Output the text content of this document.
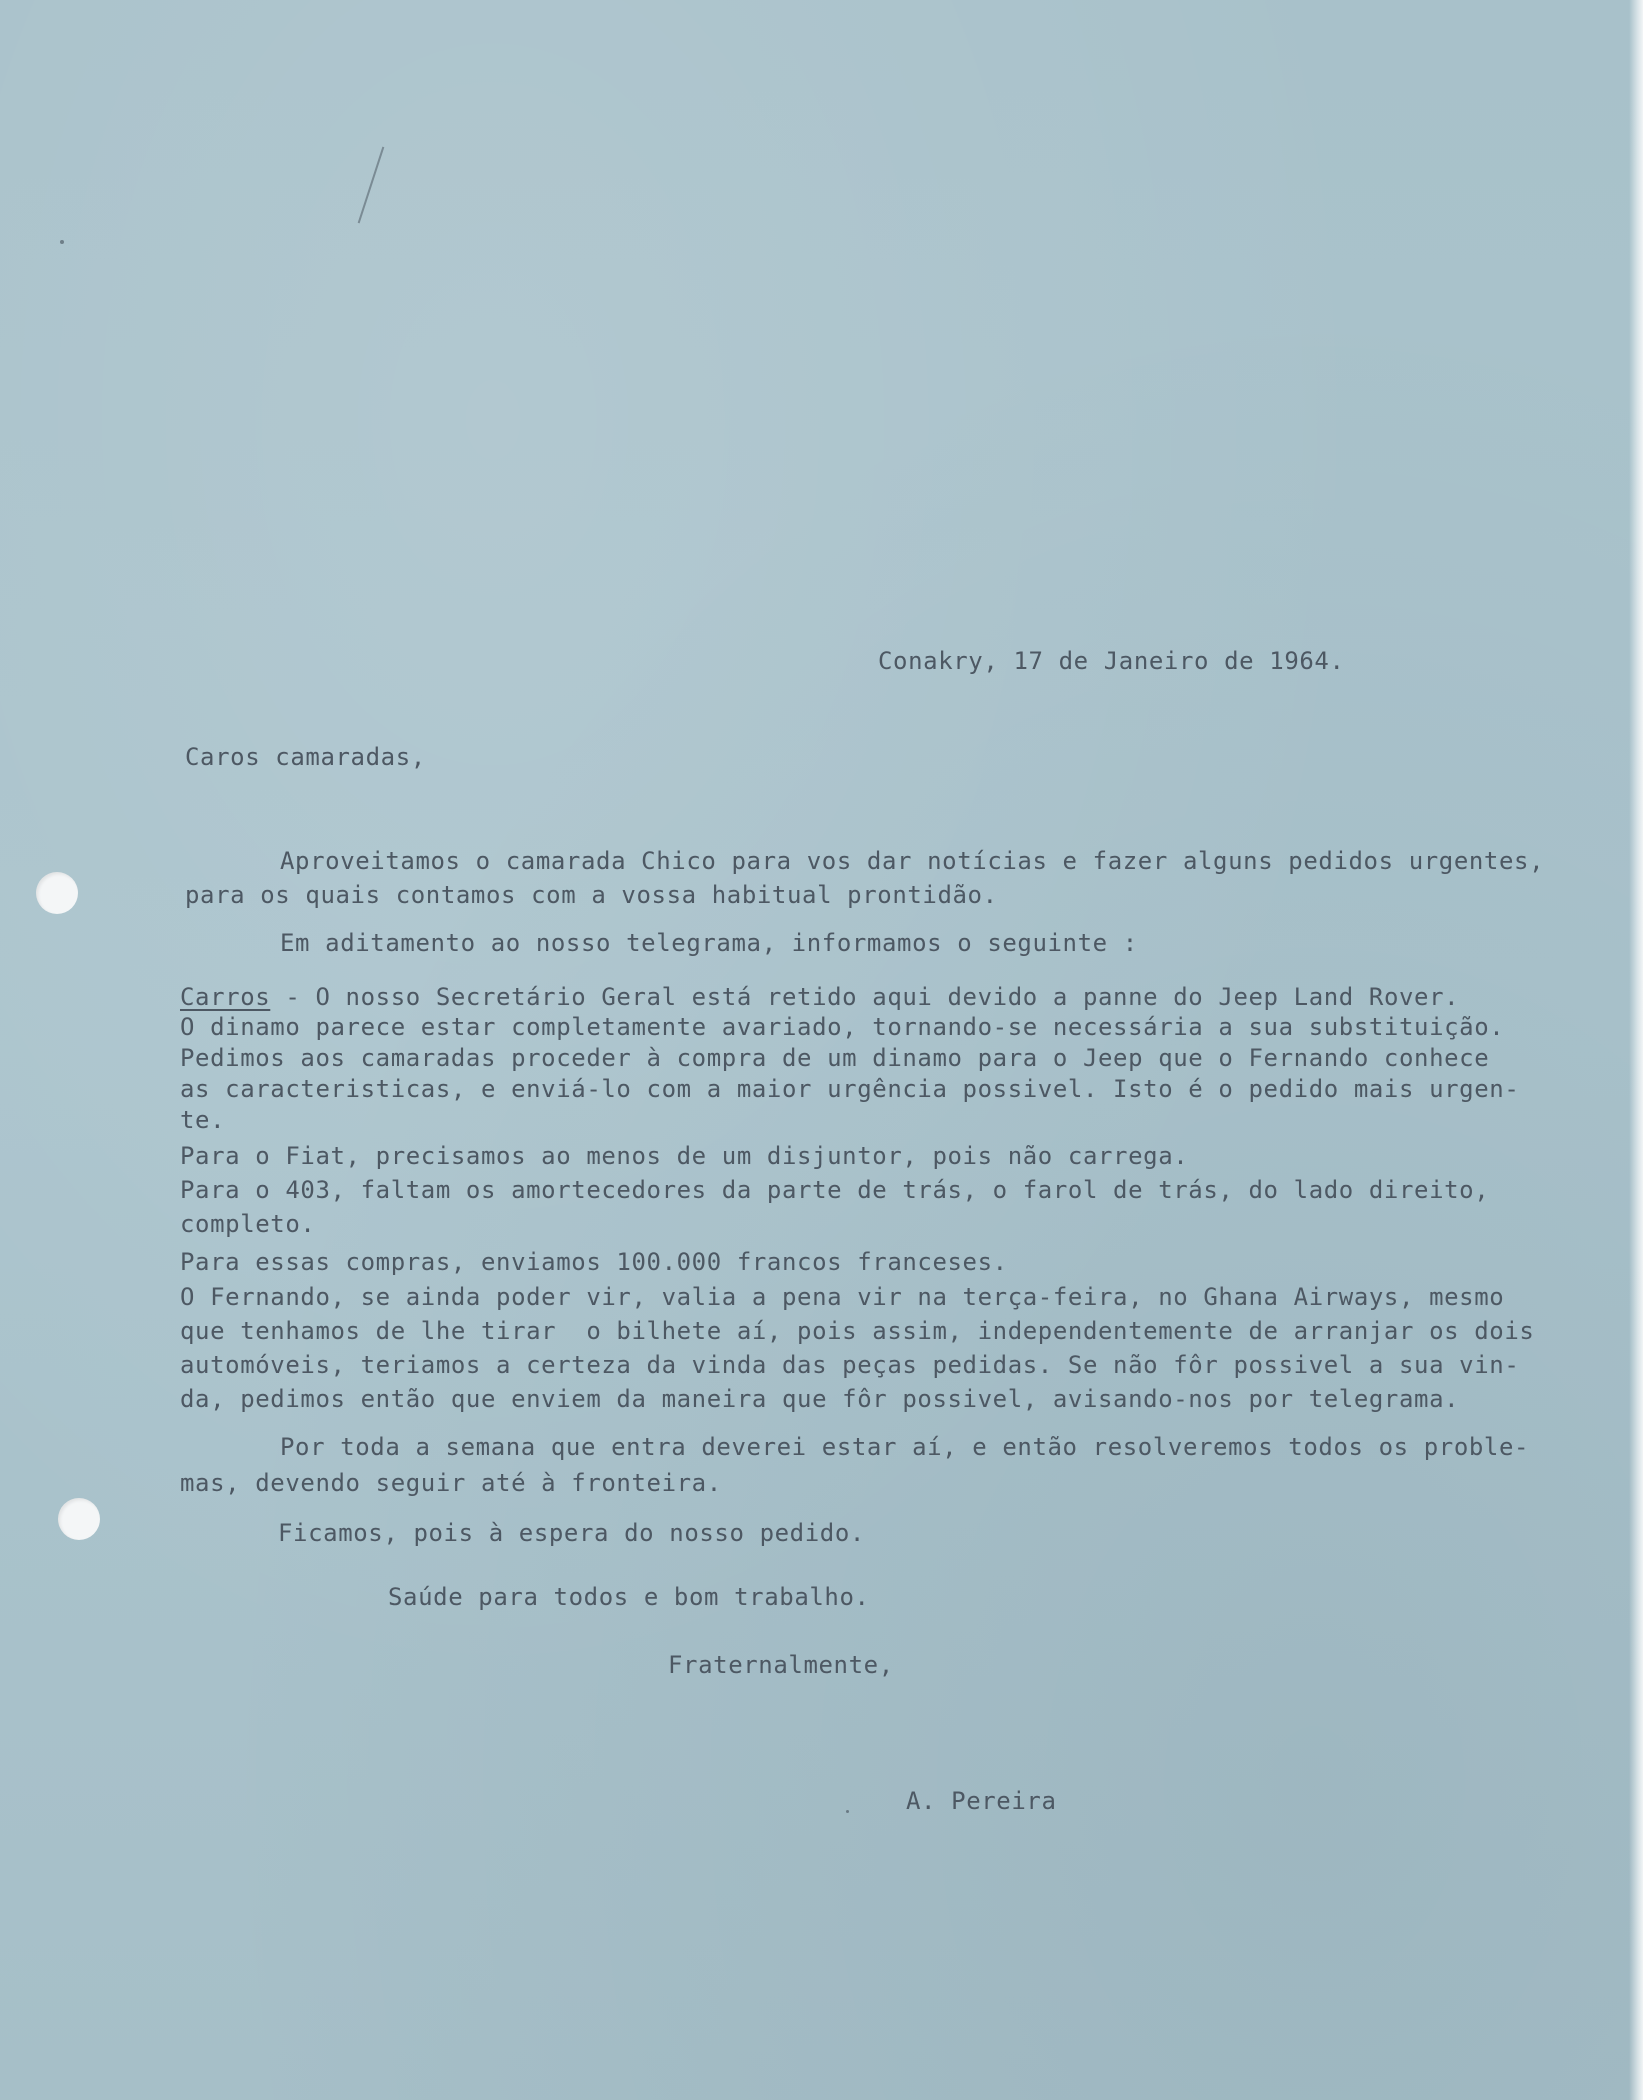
Conakry, 17 de Janeiro de 1964.
Caros camaradas,
Aproveitamos o camarada Chico para vos dar notícias e fazer alguns pedidos urgentes,
para os quais contamos com a vossa habitual prontidão.
Em aditamento ao nosso telegrama, informamos o seguinte :
Carros - O nosso Secretário Geral está retido aqui devido a panne do Jeep Land Rover.
O dinamo parece estar completamente avariado, tornando-se necessária a sua substituição.
Pedimos aos camaradas proceder à compra de um dinamo para o Jeep que o Fernando conhece
as caracteristicas, e enviá-lo com a maior urgência possivel. Isto é o pedido mais urgen-
te.
Para o Fiat, precisamos ao menos de um disjuntor, pois não carrega.
Para o 403, faltam os amortecedores da parte de trás, o farol de trás, do lado direito,
completo.
Para essas compras, enviamos 100.000 francos franceses.
O Fernando, se ainda poder vir, valia a pena vir na terça-feira, no Ghana Airways, mesmo
que tenhamos de lhe tirar  o bilhete aí, pois assim, independentemente de arranjar os dois
automóveis, teriamos a certeza da vinda das peças pedidas. Se não fôr possivel a sua vin-
da, pedimos então que enviem da maneira que fôr possivel, avisando-nos por telegrama.
Por toda a semana que entra deverei estar aí, e então resolveremos todos os proble-
mas, devendo seguir até à fronteira.
Ficamos, pois à espera do nosso pedido.
Saúde para todos e bom trabalho.
Fraternalmente,
A. Pereira
